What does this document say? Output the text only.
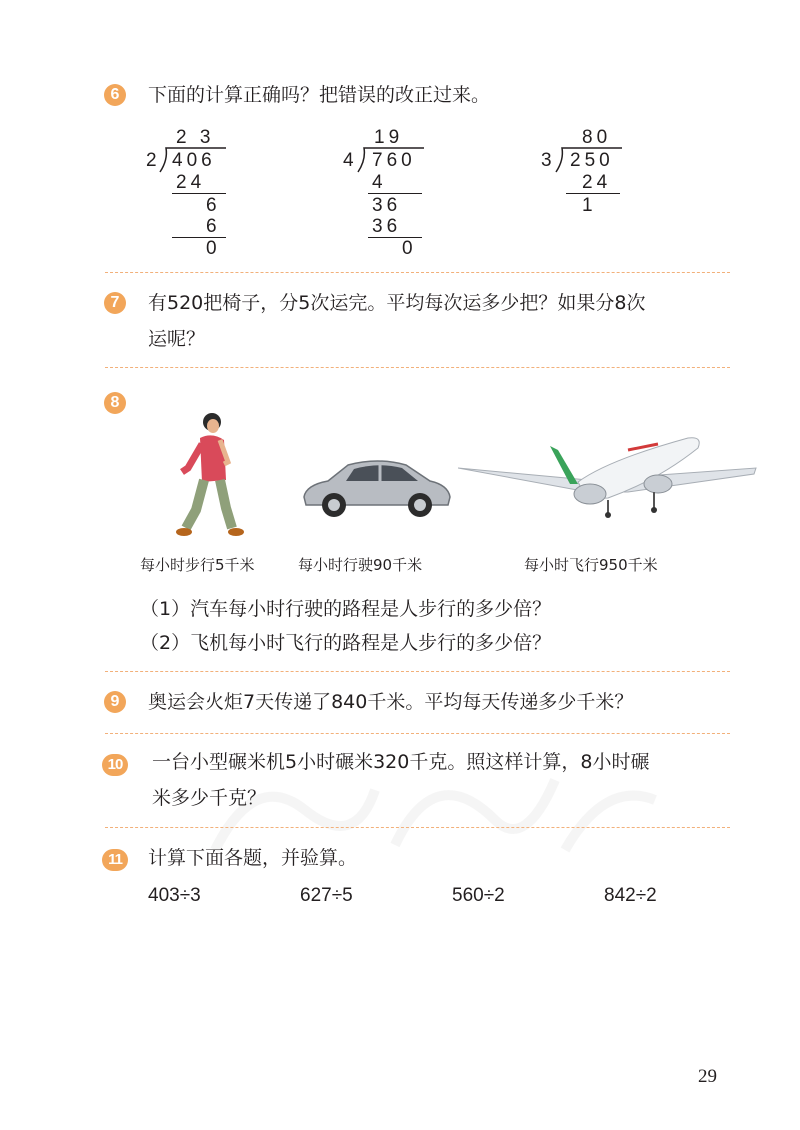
6	下面的计算正确吗？把错误的改正过来。
2 3
2 406
24
6
6
0
19
4 760
4
36
36
0
80
3 250
24
1
7	有520把椅子，分5次运完。平均每次运多少把？如果分8次
运呢？
8
每小时步行5千米	每小时行驶90千米	每小时飞行950千米
（1）汽车每小时行驶的路程是人步行的多少倍？
（2）飞机每小时飞行的路程是人步行的多少倍？
9	奥运会火炬7天传递了840千米。平均每天传递多少千米？
10 一台小型碾米机5小时碾米320千克。照这样计算，8小时碾
米多少千克？
11	计算下面各题，并验算。
403÷3	627÷5	560÷2	842÷2
29
